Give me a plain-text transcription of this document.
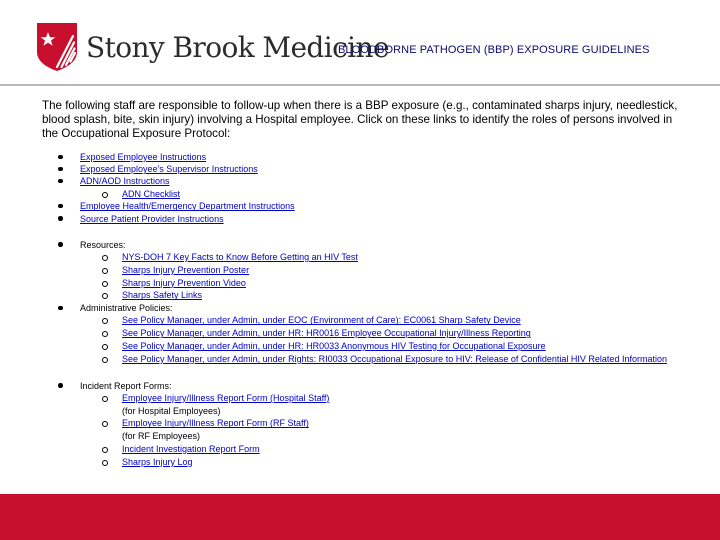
Stony Brook Medicine
BLOODBORNE PATHOGEN (BBP) EXPOSURE GUIDELINES

The following staff are responsible to follow-up when there is a BBP exposure (e.g., contaminated sharps injury, needlestick, blood splash, bite, skin injury) involving a Hospital employee. Click on these links to identify the roles of persons involved in the Occupational Exposure Protocol:

Exposed Employee Instructions
Exposed Employee's Supervisor Instructions
ADN/AOD Instructions
ADN Checklist
Employee Health/Emergency Department Instructions
Source Patient Provider Instructions
Resources:
NYS-DOH 7 Key Facts to Know Before Getting an HIV Test
Sharps Injury Prevention Poster
Sharps Injury Prevention Video
Sharps Safety Links
Administrative Policies:
See Policy Manager, under Admin, under EOC (Environment of Care): EC0061 Sharp Safety Device
See Policy Manager, under Admin, under HR: HR0016 Employee Occupational Injury/Illness Reporting
See Policy Manager, under Admin, under HR: HR0033 Anonymous HIV Testing for Occupational Exposure
See Policy Manager, under Admin, under Rights: RI0033 Occupational Exposure to HIV: Release of Confidential HIV Related Information
Incident Report Forms:
Employee Injury/Illness Report Form (Hospital Staff)
(for Hospital Employees)
Employee Injury/Illness Report Form (RF Staff)
(for RF Employees)
Incident Investigation Report Form
Sharps Injury Log
